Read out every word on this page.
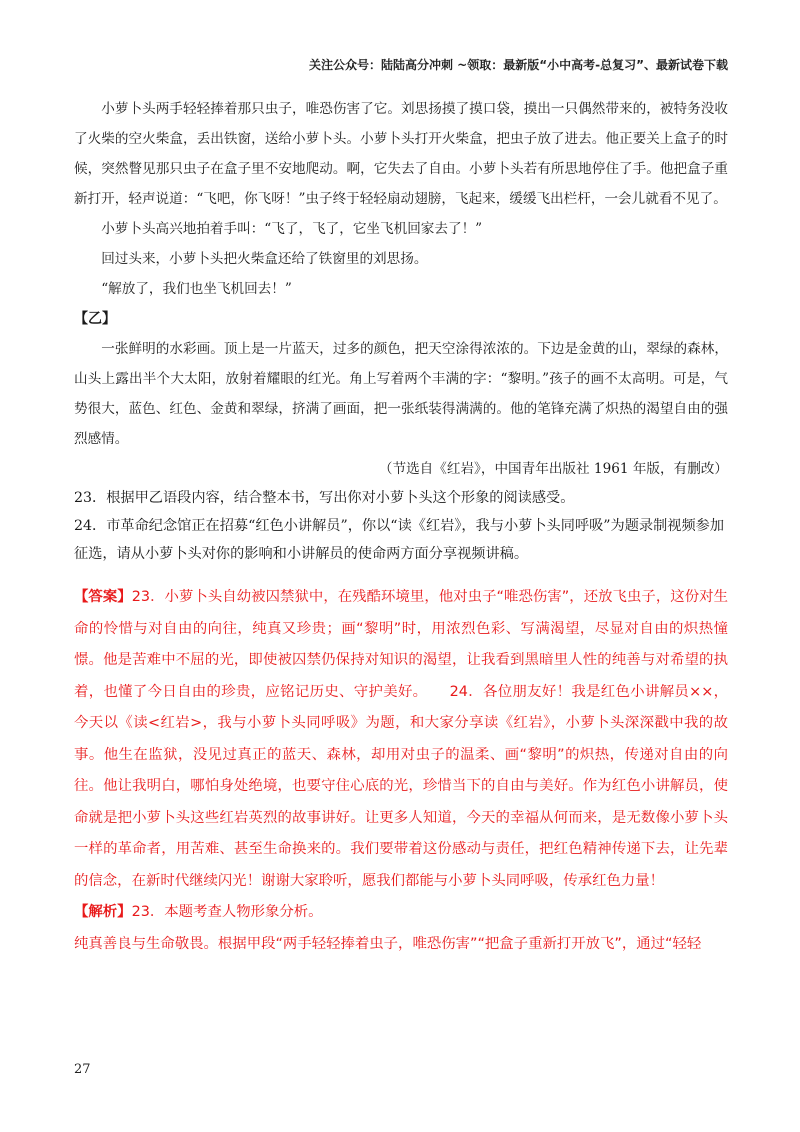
关注公众号：陆陆高分冲刺 ~领取：最新版“小中高考-总复习”、最新试卷下载

小萝卜头两手轻轻捧着那只虫子，唯恐伤害了它。刘思扬摸了摸口袋，摸出一只偶然带来的，被特务没收了火柴的空火柴盒，丢出铁窗，送给小萝卜头。小萝卜头打开火柴盒，把虫子放了进去。他正要关上盒子的时候，突然瞥见那只虫子在盒子里不安地爬动。啊，它失去了自由。小萝卜头若有所思地停住了手。他把盒子重新打开，轻声说道：“飞吧，你飞呀！”虫子终于轻轻扇动翅膀，飞起来，缓缓飞出栏杆，一会儿就看不见了。

小萝卜头高兴地拍着手叫：“飞了，飞了，它坐飞机回家去了！”

回过头来，小萝卜头把火柴盒还给了铁窗里的刘思扬。

“解放了，我们也坐飞机回去！”

【乙】

一张鲜明的水彩画。顶上是一片蓝天，过多的颜色，把天空涂得浓浓的。下边是金黄的山，翠绿的森林，山头上露出半个大太阳，放射着耀眼的红光。角上写着两个丰满的字：“黎明。”孩子的画不太高明。可是，气势很大，蓝色、红色、金黄和翠绿，挤满了画面，把一张纸装得满满的。他的笔锋充满了炽热的渴望自由的强烈感情。

（节选自《红岩》，中国青年出版社 1961 年版，有删改）

23．根据甲乙语段内容，结合整本书，写出你对小萝卜头这个形象的阅读感受。

24．市革命纪念馆正在招募“红色小讲解员”，你以“读《红岩》，我与小萝卜头同呼吸”为题录制视频参加征选，请从小萝卜头对你的影响和小讲解员的使命两方面分享视频讲稿。

【答案】23．小萝卜头自幼被囚禁狱中，在残酷环境里，他对虫子“唯恐伤害”，还放飞虫子，这份对生命的怜惜与对自由的向往，纯真又珍贵；画“黎明”时，用浓烈色彩、写满渴望，尽显对自由的炽热憧憬。他是苦难中不屈的光，即使被囚禁仍保持对知识的渴望，让我看到黑暗里人性的纯善与对希望的执着，也懂了今日自由的珍贵，应铭记历史、守护美好。　　24．各位朋友好！我是红色小讲解员××，今天以《读<红岩>，我与小萝卜头同呼吸》为题，和大家分享读《红岩》，小萝卜头深深戳中我的故事。他生在监狱，没见过真正的蓝天、森林，却用对虫子的温柔、画“黎明”的炽热，传递对自由的向往。他让我明白，哪怕身处绝境，也要守住心底的光，珍惜当下的自由与美好。作为红色小讲解员，使命就是把小萝卜头这些红岩英烈的故事讲好。让更多人知道，今天的幸福从何而来，是无数像小萝卜头一样的革命者，用苦难、甚至生命换来的。我们要带着这份感动与责任，把红色精神传递下去，让先辈的信念，在新时代继续闪光！谢谢大家聆听，愿我们都能与小萝卜头同呼吸，传承红色力量！

【解析】23．本题考查人物形象分析。

纯真善良与生命敬畏。根据甲段“两手轻轻捧着虫子，唯恐伤害”“把盒子重新打开放飞”，通过“轻轻

27
